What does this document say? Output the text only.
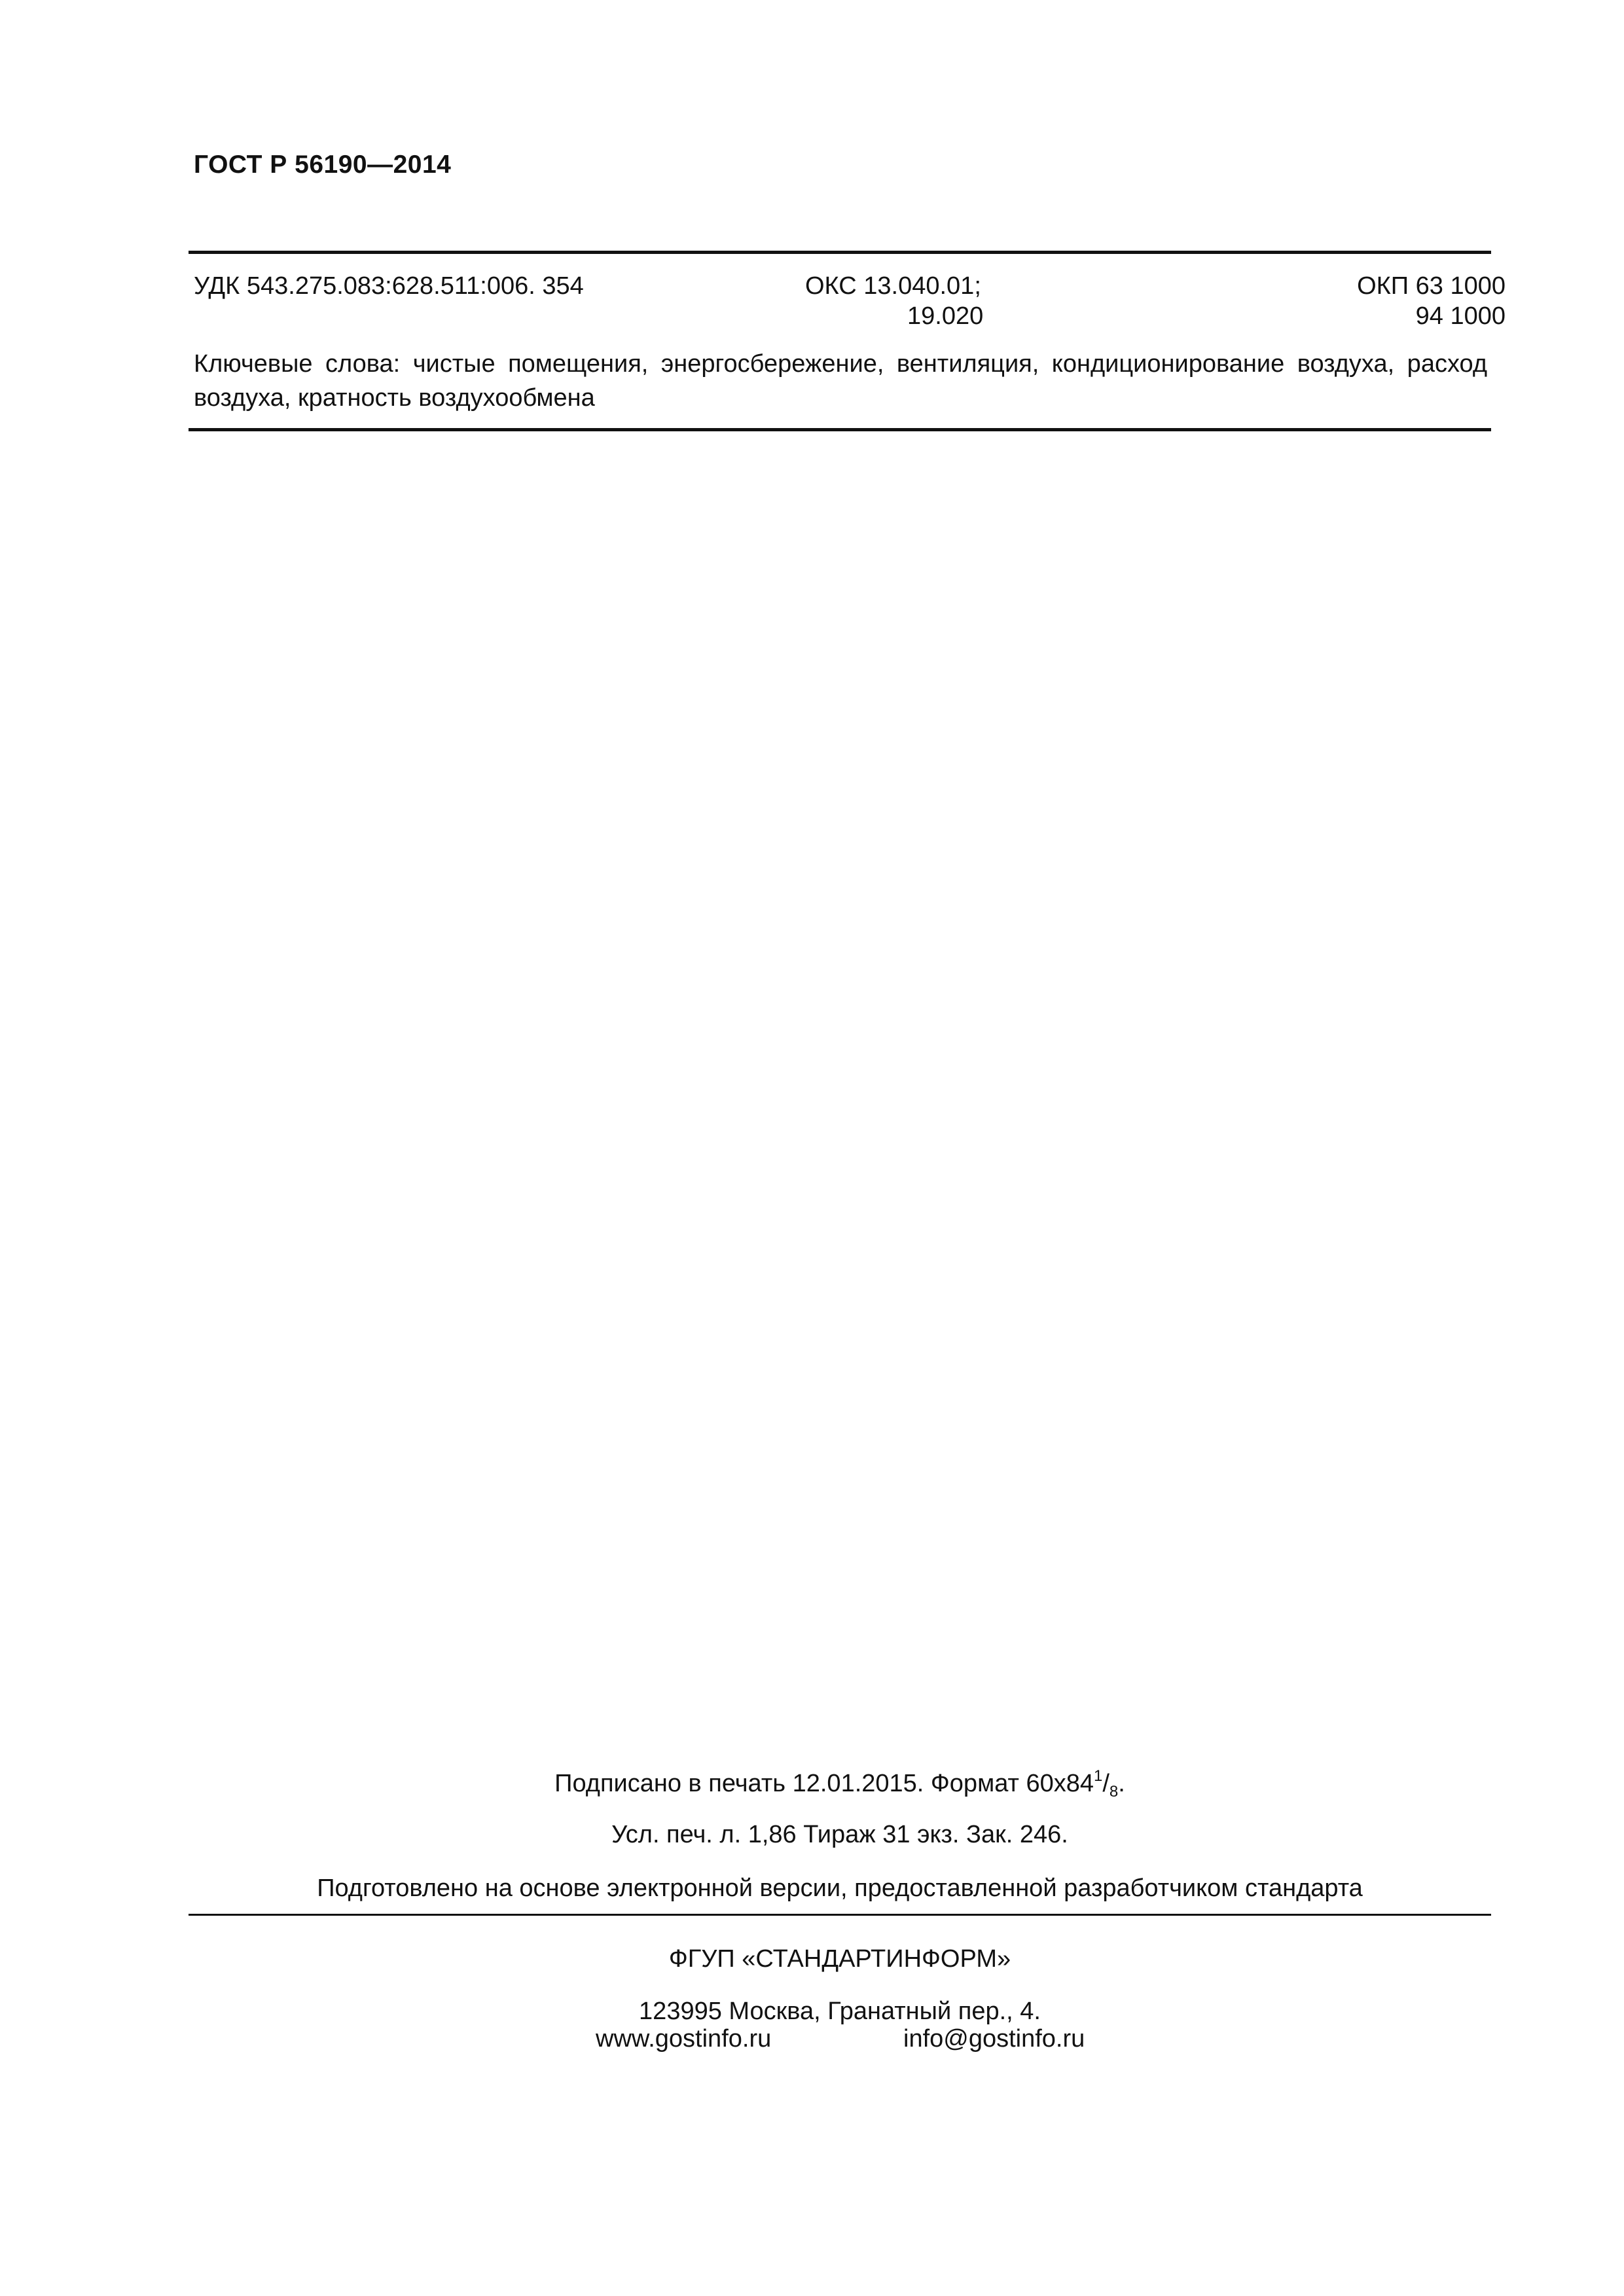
ГОСТ Р 56190—2014
УДК 543.275.083:628.511:006. 354	ОКС 13.040.01;
19.020
ОКП 63 1000
94 1000
Ключевые слова: чистые помещения, энергосбережение, вентиляция, кондиционирование воздуха, расход воздуха, кратность воздухообмена
Подписано в печать 12.01.2015. Формат $60х84^1/_8$.
Усл. печ. л. 1,86 Тираж 31 экз. Зак. 246.
Подготовлено на основе электронной версии, предоставленной разработчиком стандарта
ФГУП «СТАНДАРТИНФОРМ»
123995 Москва, Гранатный пер., 4.
www.gostinfo.ru	info@gostinfo.ru
